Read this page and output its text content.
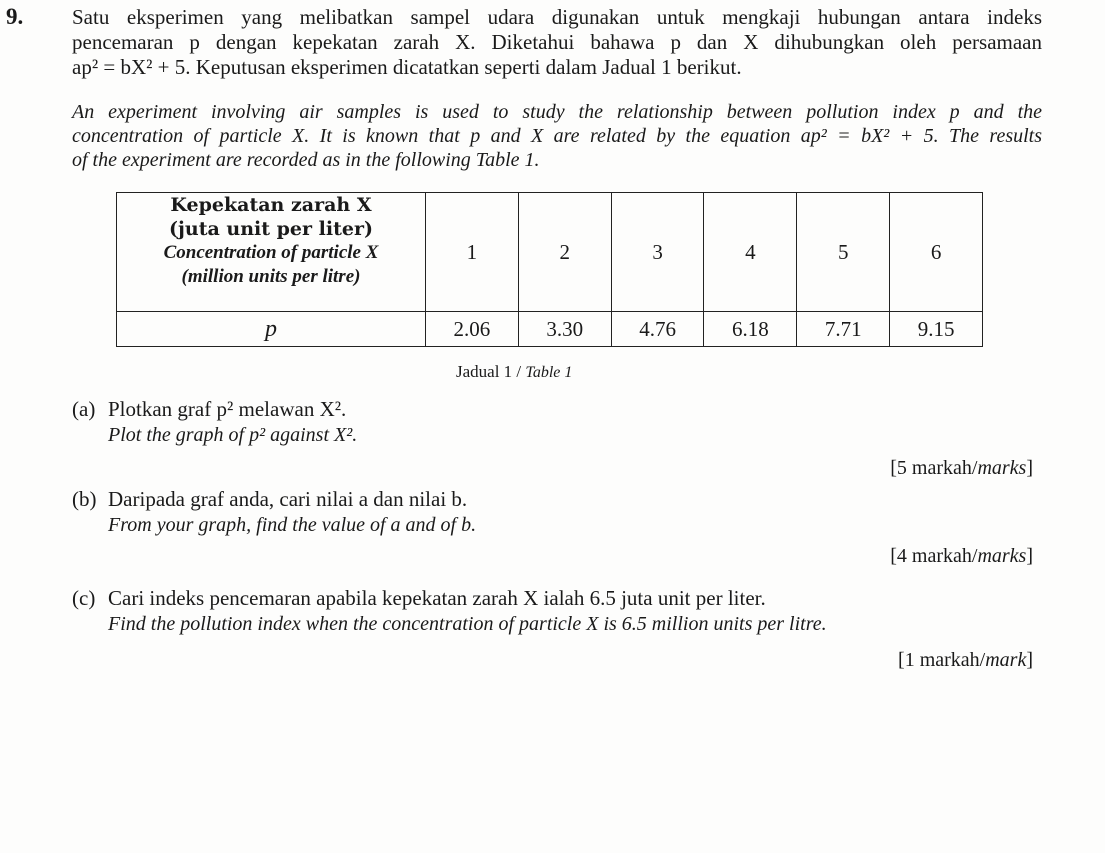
9. Satu eksperimen yang melibatkan sampel udara digunakan untuk mengkaji hubungan antara indeks
pencemaran p dengan kepekatan zarah X. Diketahui bahawa p dan X dihubungkan oleh persamaan
ap² = bX² + 5. Keputusan eksperimen dicatatkan seperti dalam Jadual 1 berikut.
An experiment involving air samples is used to study the relationship between pollution index p and the
concentration of particle X. It is known that p and X are related by the equation ap² = bX² + 5. The results
of the experiment are recorded as in the following Table 1.
Kepekatan zarah X
(juta unit per liter)
Concentration of particle X
(million units per litre)	1	2	3	4	5	6
p	2.06	3.30	4.76	6.18	7.71	9.15
Jadual 1 / Table 1
(a) Plotkan graf p² melawan X².
Plot the graph of p² against X².
[5 markah/marks]
(b) Daripada graf anda, cari nilai a dan nilai b.
From your graph, find the value of a and of b.
[4 markah/marks]
(c) Cari indeks pencemaran apabila kepekatan zarah X ialah 6.5 juta unit per liter.
Find the pollution index when the concentration of particle X is 6.5 million units per litre.
[1 markah/mark]
